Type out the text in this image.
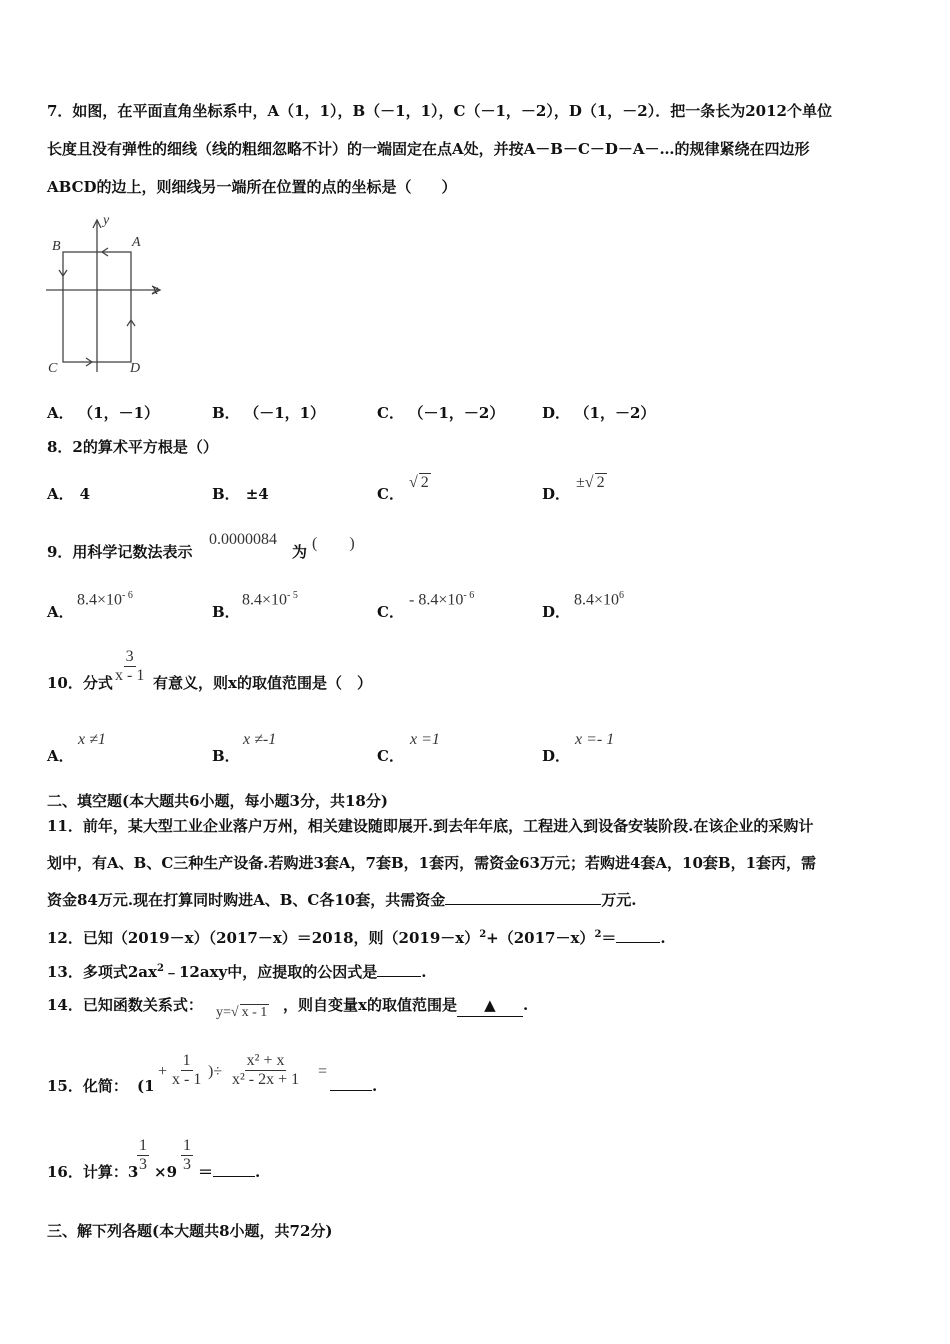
7．如图，在平面直角坐标系中，A（1，1），B（－1，1），C（－1，－2），D（1，－2）．把一条长为2012个单位
长度且没有弹性的细线（线的粗细忽略不计）的一端固定在点A处，并按A－B－C－D－A－…的规律紧绕在四边形
ABCD的边上，则细线另一端所在位置的点的坐标是（　　）
B	A
C	D
x
y
A． （1，－1）	B． （－1，1）	C． （－1，－2）	D． （1，－2）
8．2的算术平方根是（）
A． 4	B． ±4	C．
√ 2
D．
±√ 2
9．用科学记数法表示
0.0000084
为 (　　)
A．
$8.4\times 10^{- 6}$
B．
$8.4\times 10^{- 5}$
C．
- $8.4\times 10^{- 6}$
D．
$8.4\times 10^6$
10．分式 $\frac{3}{x - 1}$ 有意义，则x的取值范围是（　）
A．
x ≠1
B．
x ≠-1
C．
x =1
D．
x =- 1
二、填空题(本大题共6小题，每小题3分，共18分)
11．前年，某大型工业企业落户万州，相关建设随即展开.到去年年底，工程进入到设备安装阶段.在该企业的采购计
划中，有A、B、C三种生产设备.若购进3套A，7套B，1套丙，需资金63万元；若购进4套A，10套B，1套丙，需
资金84万元.现在打算同时购进A、B、C各10套，共需资金	万元.
12．已知（2019－x）（2017－x）＝2018，则$(2019-x)^2+(2017-x)^2=$	.
13．多项式$2ax^2﹣12axy$中，应提取的公因式是	.
14．已知函数关系式： y=√ x - 1 ，则自变量x的取值范围是 ▲ .
15．化简： (1
+ $\frac{1}{x - 1}$ )÷ $\frac{\text{x² + x}}{\text{x² - 2x + 1}}$ =
.
16．计算：3
$\frac{1}{3} \times 9 \frac{1}{3}$ ＝	.
三、解下列各题(本大题共8小题，共72分)
